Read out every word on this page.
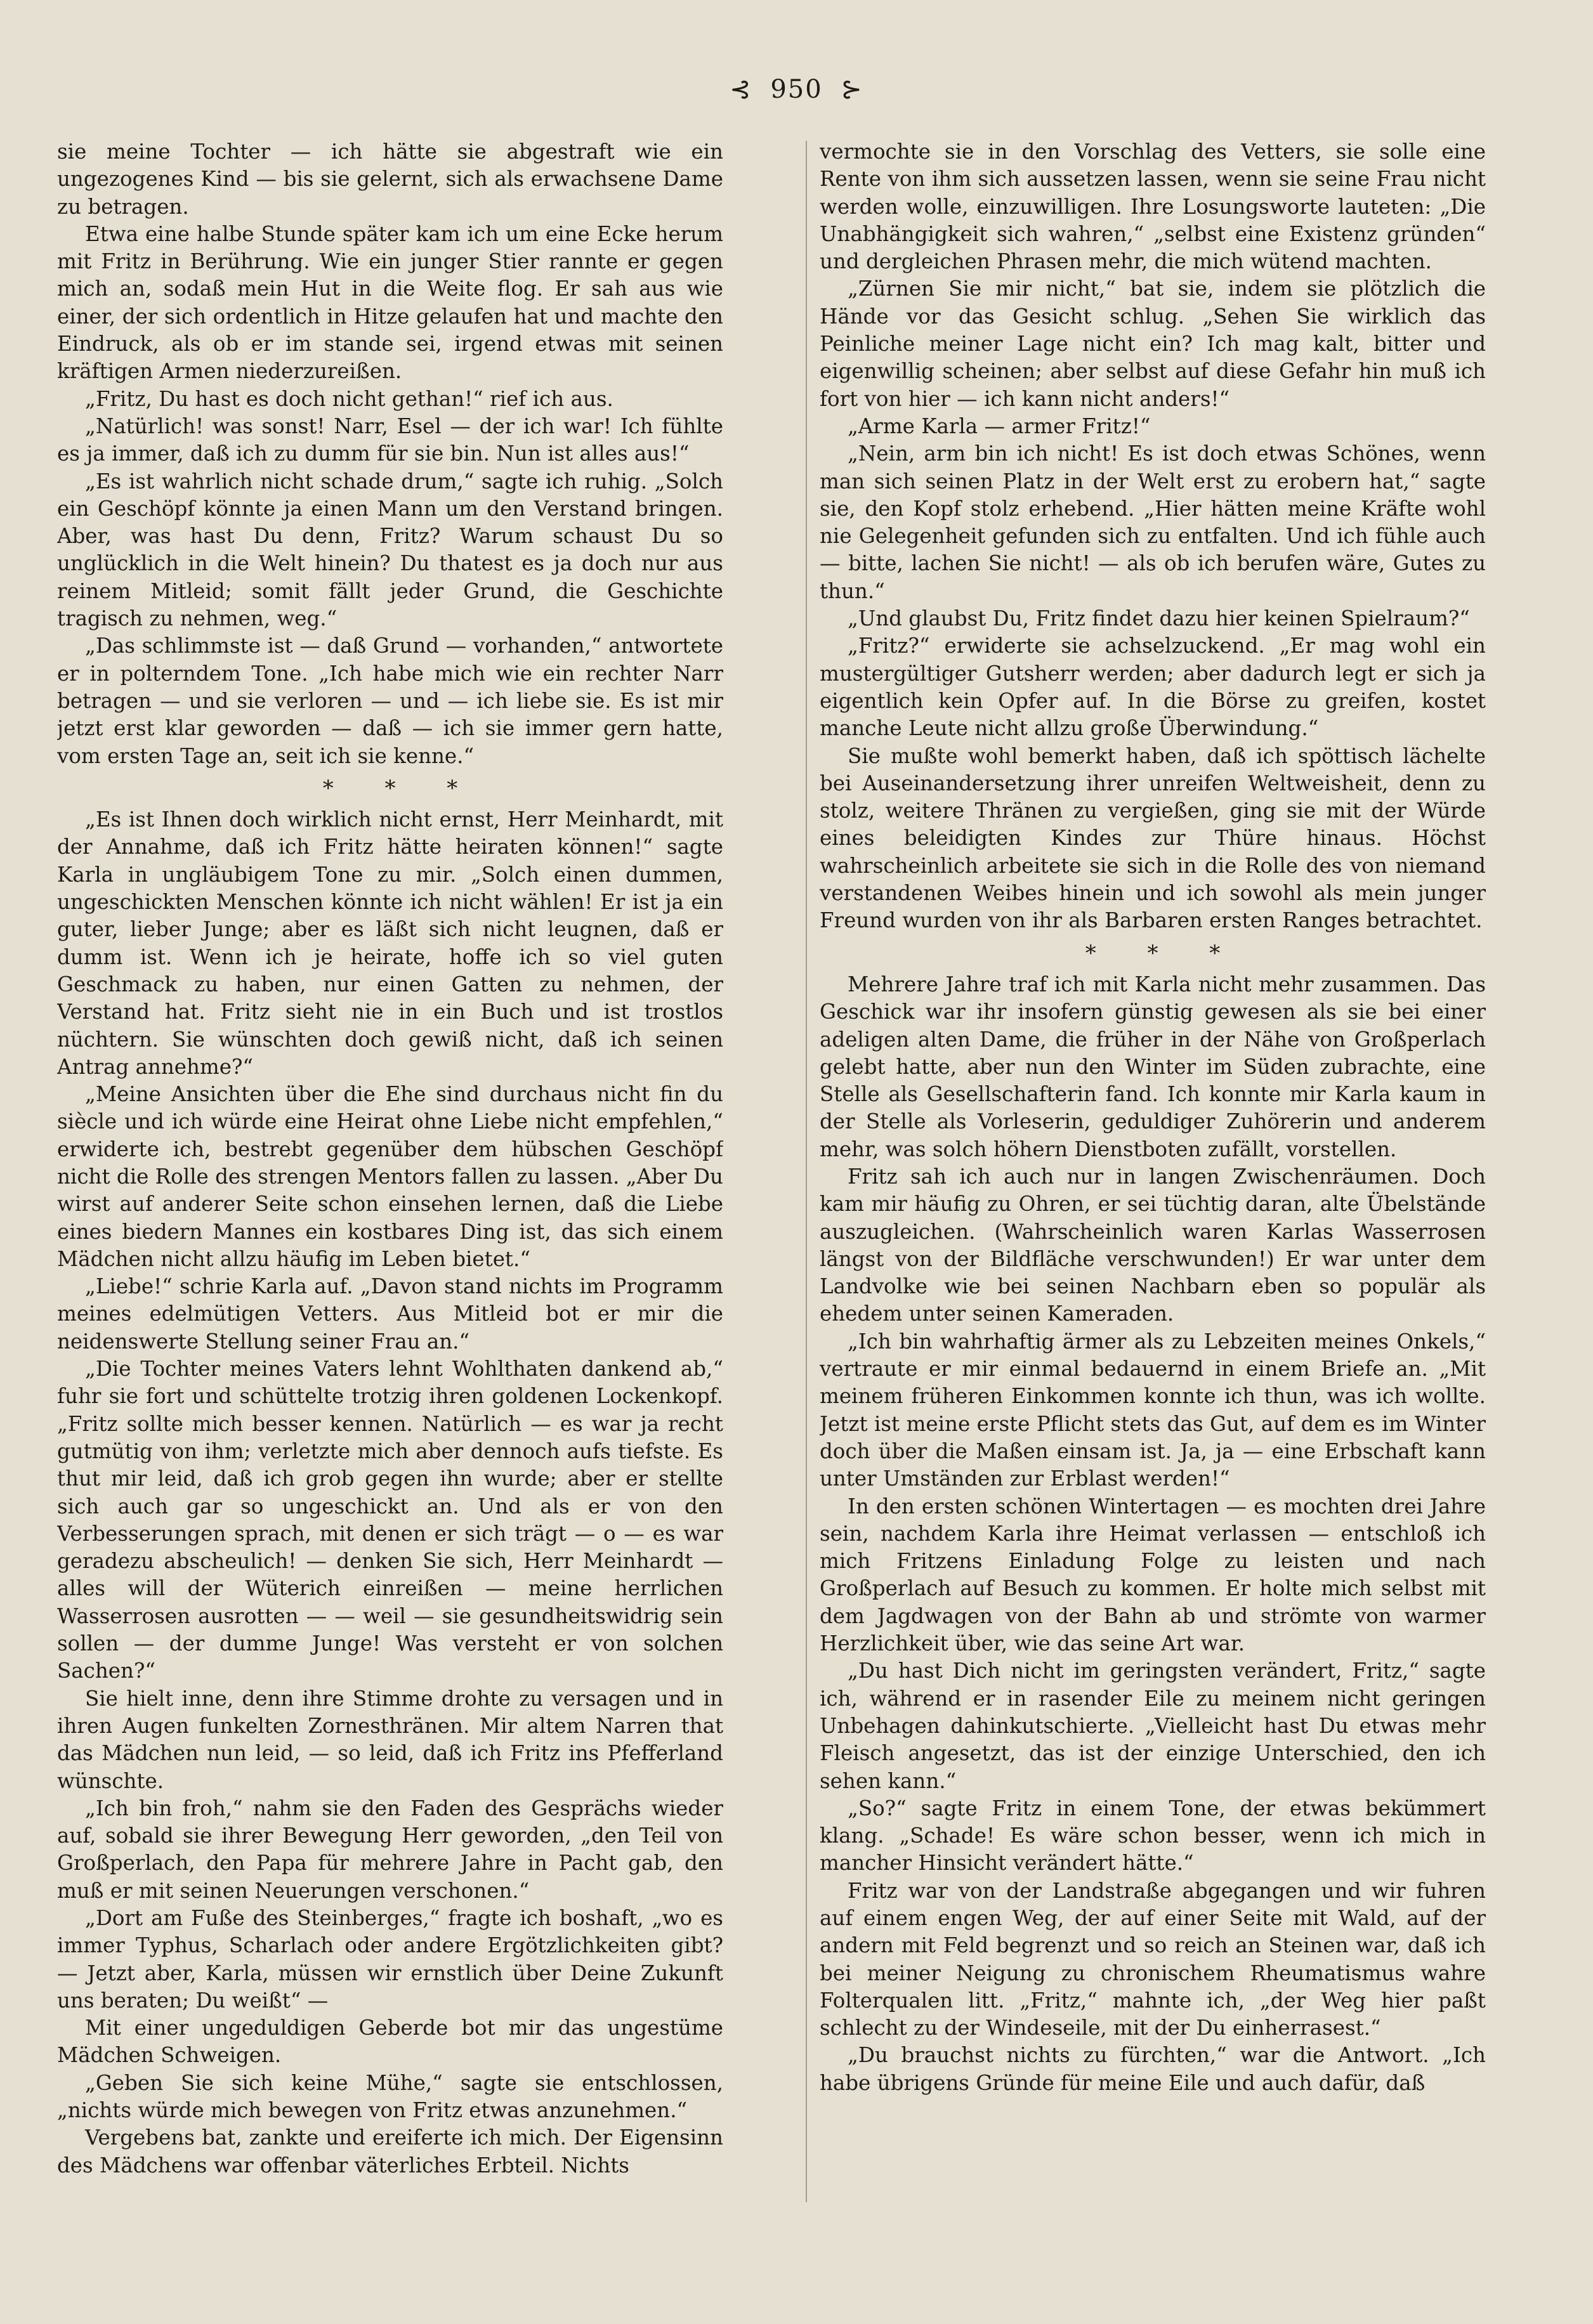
⊰ 950 ⊱

sie meine Tochter — ich hätte sie abgestraft wie ein ungezogenes Kind — bis sie gelernt, sich als erwachsene Dame zu betragen.

Etwa eine halbe Stunde später kam ich um eine Ecke herum mit Fritz in Berührung. Wie ein junger Stier rannte er gegen mich an, sodaß mein Hut in die Weite flog. Er sah aus wie einer, der sich ordentlich in Hitze gelaufen hat und machte den Eindruck, als ob er im stande sei, irgend etwas mit seinen kräftigen Armen niederzureißen.

„Fritz, Du hast es doch nicht gethan!“ rief ich aus.

„Natürlich! was sonst! Narr, Esel — der ich war! Ich fühlte es ja immer, daß ich zu dumm für sie bin. Nun ist alles aus!“

„Es ist wahrlich nicht schade drum,“ sagte ich ruhig. „Solch ein Geschöpf könnte ja einen Mann um den Verstand bringen. Aber, was hast Du denn, Fritz? Warum schaust Du so unglücklich in die Welt hinein? Du thatest es ja doch nur aus reinem Mitleid; somit fällt jeder Grund, die Geschichte tragisch zu nehmen, weg.“

„Das schlimmste ist — daß Grund — vorhanden,“ antwortete er in polterndem Tone. „Ich habe mich wie ein rechter Narr betragen — und sie verloren — und — ich liebe sie. Es ist mir jetzt erst klar geworden — daß — ich sie immer gern hatte, vom ersten Tage an, seit ich sie kenne.“

* * *

„Es ist Ihnen doch wirklich nicht ernst, Herr Meinhardt, mit der Annahme, daß ich Fritz hätte heiraten können!“ sagte Karla in ungläubigem Tone zu mir. „Solch einen dummen, ungeschickten Menschen könnte ich nicht wählen! Er ist ja ein guter, lieber Junge; aber es läßt sich nicht leugnen, daß er dumm ist. Wenn ich je heirate, hoffe ich so viel guten Geschmack zu haben, nur einen Gatten zu nehmen, der Verstand hat. Fritz sieht nie in ein Buch und ist trostlos nüchtern. Sie wünschten doch gewiß nicht, daß ich seinen Antrag annehme?“

„Meine Ansichten über die Ehe sind durchaus nicht fin du siècle und ich würde eine Heirat ohne Liebe nicht empfehlen,“ erwiderte ich, bestrebt gegenüber dem hübschen Geschöpf nicht die Rolle des strengen Mentors fallen zu lassen. „Aber Du wirst auf anderer Seite schon einsehen lernen, daß die Liebe eines biedern Mannes ein kostbares Ding ist, das sich einem Mädchen nicht allzu häufig im Leben bietet.“

„Liebe!“ schrie Karla auf. „Davon stand nichts im Programm meines edelmütigen Vetters. Aus Mitleid bot er mir die neidenswerte Stellung seiner Frau an.“

„Die Tochter meines Vaters lehnt Wohlthaten dankend ab,“ fuhr sie fort und schüttelte trotzig ihren goldenen Lockenkopf. „Fritz sollte mich besser kennen. Natürlich — es war ja recht gutmütig von ihm; verletzte mich aber dennoch aufs tiefste. Es thut mir leid, daß ich grob gegen ihn wurde; aber er stellte sich auch gar so ungeschickt an. Und als er von den Verbesserungen sprach, mit denen er sich trägt — o — es war geradezu abscheulich! — denken Sie sich, Herr Meinhardt — alles will der Wüterich einreißen — meine herrlichen Wasserrosen ausrotten — — weil — sie gesundheitswidrig sein sollen — der dumme Junge! Was versteht er von solchen Sachen?“

Sie hielt inne, denn ihre Stimme drohte zu versagen und in ihren Augen funkelten Zornesthränen. Mir altem Narren that das Mädchen nun leid, — so leid, daß ich Fritz ins Pfefferland wünschte.

„Ich bin froh,“ nahm sie den Faden des Gesprächs wieder auf, sobald sie ihrer Bewegung Herr geworden, „den Teil von Großperlach, den Papa für mehrere Jahre in Pacht gab, den muß er mit seinen Neuerungen verschonen.“

„Dort am Fuße des Steinberges,“ fragte ich boshaft, „wo es immer Typhus, Scharlach oder andere Ergötzlichkeiten gibt? — Jetzt aber, Karla, müssen wir ernstlich über Deine Zukunft uns beraten; Du weißt“ —

Mit einer ungeduldigen Geberde bot mir das ungestüme Mädchen Schweigen.

„Geben Sie sich keine Mühe,“ sagte sie entschlossen, „nichts würde mich bewegen von Fritz etwas anzunehmen.“

Vergebens bat, zankte und ereiferte ich mich. Der Eigensinn des Mädchens war offenbar väterliches Erbteil. Nichts

vermochte sie in den Vorschlag des Vetters, sie solle eine Rente von ihm sich aussetzen lassen, wenn sie seine Frau nicht werden wolle, einzuwilligen. Ihre Losungsworte lauteten: „Die Unabhängigkeit sich wahren,“ „selbst eine Existenz gründen“ und dergleichen Phrasen mehr, die mich wütend machten.

„Zürnen Sie mir nicht,“ bat sie, indem sie plötzlich die Hände vor das Gesicht schlug. „Sehen Sie wirklich das Peinliche meiner Lage nicht ein? Ich mag kalt, bitter und eigenwillig scheinen; aber selbst auf diese Gefahr hin muß ich fort von hier — ich kann nicht anders!“

„Arme Karla — armer Fritz!“

„Nein, arm bin ich nicht! Es ist doch etwas Schönes, wenn man sich seinen Platz in der Welt erst zu erobern hat,“ sagte sie, den Kopf stolz erhebend. „Hier hätten meine Kräfte wohl nie Gelegenheit gefunden sich zu entfalten. Und ich fühle auch — bitte, lachen Sie nicht! — als ob ich berufen wäre, Gutes zu thun.“

„Und glaubst Du, Fritz findet dazu hier keinen Spielraum?“

„Fritz?“ erwiderte sie achselzuckend. „Er mag wohl ein mustergültiger Gutsherr werden; aber dadurch legt er sich ja eigentlich kein Opfer auf. In die Börse zu greifen, kostet manche Leute nicht allzu große Überwindung.“

Sie mußte wohl bemerkt haben, daß ich spöttisch lächelte bei Auseinandersetzung ihrer unreifen Weltweisheit, denn zu stolz, weitere Thränen zu vergießen, ging sie mit der Würde eines beleidigten Kindes zur Thüre hinaus. Höchst wahrscheinlich arbeitete sie sich in die Rolle des von niemand verstandenen Weibes hinein und ich sowohl als mein junger Freund wurden von ihr als Barbaren ersten Ranges betrachtet.

* * *

Mehrere Jahre traf ich mit Karla nicht mehr zusammen. Das Geschick war ihr insofern günstig gewesen als sie bei einer adeligen alten Dame, die früher in der Nähe von Großperlach gelebt hatte, aber nun den Winter im Süden zubrachte, eine Stelle als Gesellschafterin fand. Ich konnte mir Karla kaum in der Stelle als Vorleserin, geduldiger Zuhörerin und anderem mehr, was solch höhern Dienstboten zufällt, vorstellen.

Fritz sah ich auch nur in langen Zwischenräumen. Doch kam mir häufig zu Ohren, er sei tüchtig daran, alte Übelstände auszugleichen. (Wahrscheinlich waren Karlas Wasserrosen längst von der Bildfläche verschwunden!) Er war unter dem Landvolke wie bei seinen Nachbarn eben so populär als ehedem unter seinen Kameraden.

„Ich bin wahrhaftig ärmer als zu Lebzeiten meines Onkels,“ vertraute er mir einmal bedauernd in einem Briefe an. „Mit meinem früheren Einkommen konnte ich thun, was ich wollte. Jetzt ist meine erste Pflicht stets das Gut, auf dem es im Winter doch über die Maßen einsam ist. Ja, ja — eine Erbschaft kann unter Umständen zur Erblast werden!“

In den ersten schönen Wintertagen — es mochten drei Jahre sein, nachdem Karla ihre Heimat verlassen — entschloß ich mich Fritzens Einladung Folge zu leisten und nach Großperlach auf Besuch zu kommen. Er holte mich selbst mit dem Jagdwagen von der Bahn ab und strömte von warmer Herzlichkeit über, wie das seine Art war.

„Du hast Dich nicht im geringsten verändert, Fritz,“ sagte ich, während er in rasender Eile zu meinem nicht geringen Unbehagen dahinkutschierte. „Vielleicht hast Du etwas mehr Fleisch angesetzt, das ist der einzige Unterschied, den ich sehen kann.“

„So?“ sagte Fritz in einem Tone, der etwas bekümmert klang. „Schade! Es wäre schon besser, wenn ich mich in mancher Hinsicht verändert hätte.“

Fritz war von der Landstraße abgegangen und wir fuhren auf einem engen Weg, der auf einer Seite mit Wald, auf der andern mit Feld begrenzt und so reich an Steinen war, daß ich bei meiner Neigung zu chronischem Rheumatismus wahre Folterqualen litt. „Fritz,“ mahnte ich, „der Weg hier paßt schlecht zu der Windeseile, mit der Du einherrasest.“

„Du brauchst nichts zu fürchten,“ war die Antwort. „Ich habe übrigens Gründe für meine Eile und auch dafür, daß
